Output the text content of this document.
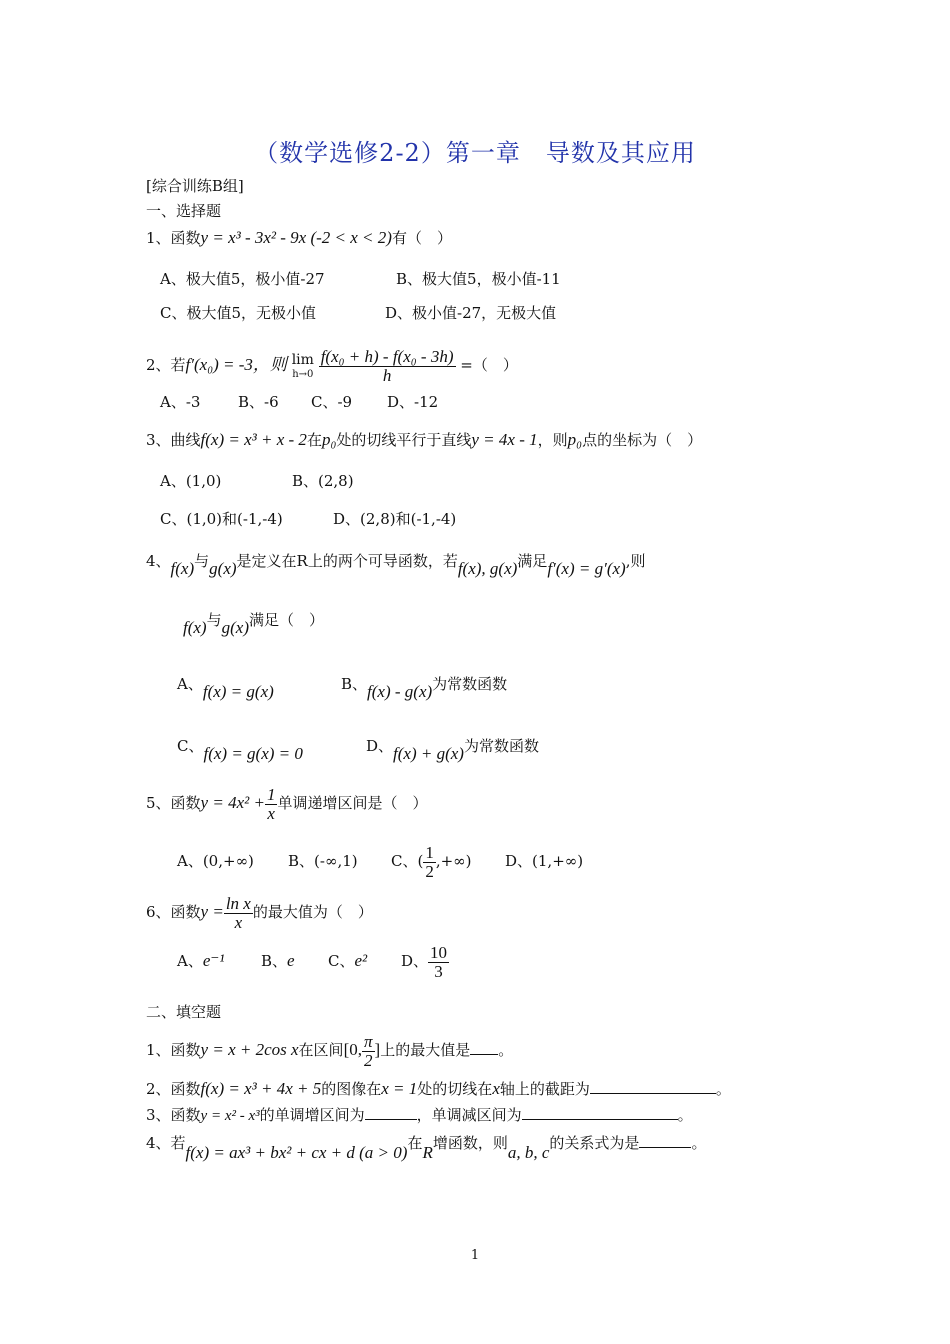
（数学选修2-2）第一章　导数及其应用
[综合训练B组]
一、选择题
1、函数y = x³ - 3x² - 9x (-2 < x < 2)有（　）
A、极大值5，极小值-27	B、极大值5，极小值-11
C、极大值5，无极小值	D、极小值-27，无极大值
2、若f′(x₀) = -3，则 lim
h→0
$\frac{\text{f(x₀ + h) - f(x₀ - 3h)}}{h}$ =（　）
A、-3	B、-6 C、-9 D、-12
3、曲线f(x) = x³ + x - 2在p₀处的切线平行于直线y = 4x - 1，则p₀点的坐标为（　）
A、(1,0)	B、(2,8)
C、(1,0)和(-1,-4)	D、(2,8)和(-1,-4)
4、f(x)与g(x)是定义在R上的两个可导函数，若f(x), g(x)满足f′(x) = g′(x),则
f(x)与g(x)满足（　）
A、f(x) = g(x)	B、f(x) - g(x)为常数函数
C、f(x) = g(x) = 0	D、f(x) + g(x)为常数函数
5、函数$y = 4x^2 + \frac{1}{x}$ 单调递增区间是（　）
A、(0,+∞) B、(-∞,1) C、( $\frac{1}{2}$ ,+∞) D、(1,+∞)
6、函数$y = \frac{\text{ln x}}{x}$ 的最大值为（　）
A、e⁻¹ B、e C、e² D、 $\frac{10}{3}$
二、填空题
1、函数y = x + 2cos x在区间[0, $\frac{\pi}{2}$ ]上的最大值是 。
2、函数f(x) = x³ + 4x + 5的图像在x = 1处的切线在x轴上的截距为	。
3、函数y = x² - x³的单调增区间为	，单调减区间为	。
4、若f(x) = ax³ + bx² + cx + d (a > 0)在R增函数，则a, b, c的关系式为是	。
1
